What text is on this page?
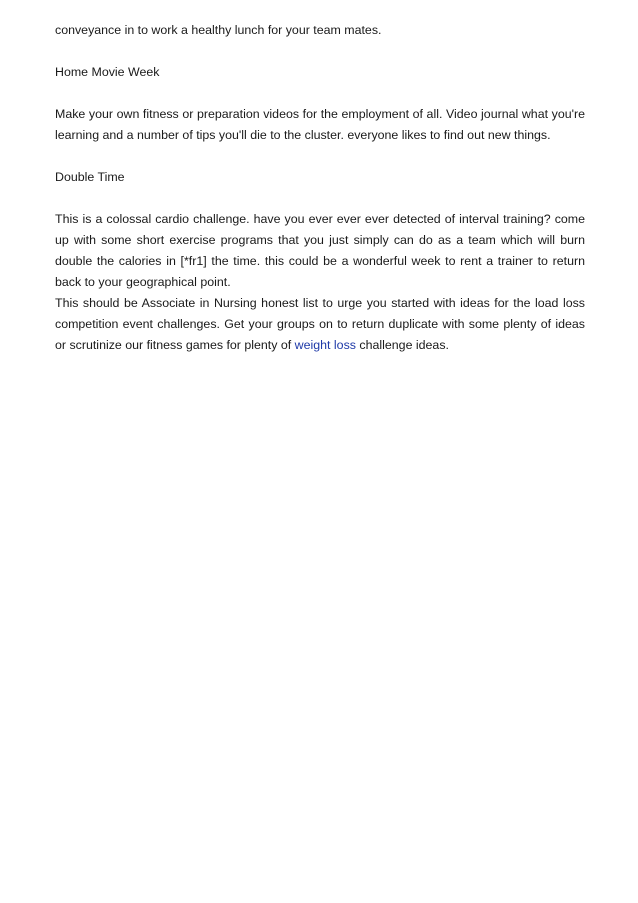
conveyance in to work a healthy lunch for your team mates.

Home Movie Week

Make your own fitness or preparation videos for the employment of all. Video journal what you're learning and a number of tips you'll die to the cluster. everyone likes to find out new things.

Double Time

This is a colossal cardio challenge. have you ever ever ever detected of interval training? come up with some short exercise programs that you just simply can do as a team which will burn double the calories in [*fr1] the time. this could be a wonderful week to rent a trainer to return back to your geographical point.

This should be Associate in Nursing honest list to urge you started with ideas for the load loss competition event challenges. Get your groups on to return duplicate with some plenty of ideas or scrutinize our fitness games for plenty of weight loss challenge ideas.
